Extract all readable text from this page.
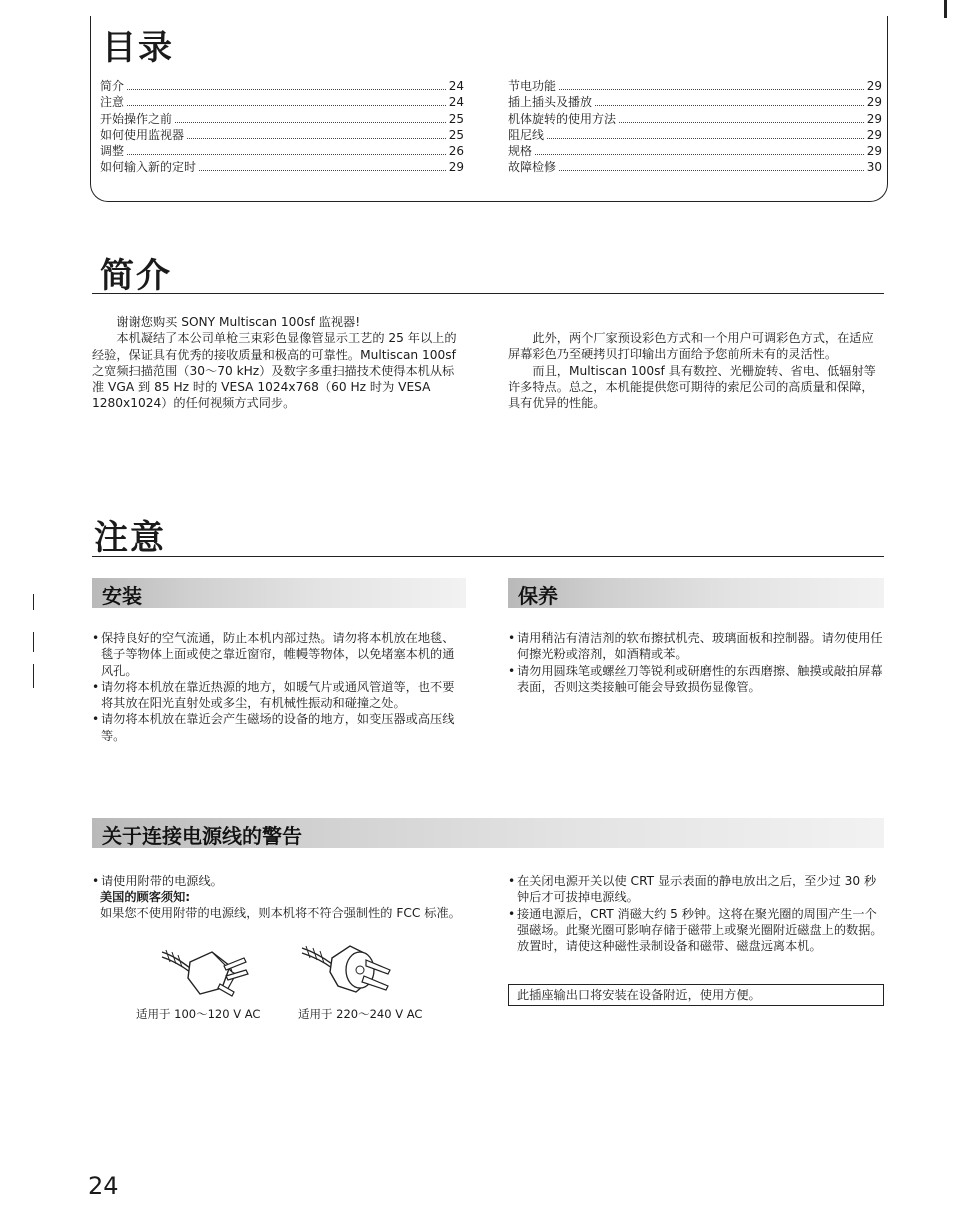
目录
简介	24
注意	24
开始操作之前	25
如何使用监视器	25
调整	26
如何输入新的定时	29
节电功能	29
插上插头及播放	29
机体旋转的使用方法	29
阻尼线	29
规格	29
故障检修	30
简介

谢谢您购买 SONY Multiscan 100sf 监视器!

本机凝结了本公司单枪三束彩色显像管显示工艺的 25 年以上的经验，保证具有优秀的接收质量和极高的可靠性。Multiscan 100sf 之宽频扫描范围（30～70 kHz）及数字多重扫描技术使得本机从标准 VGA 到 85 Hz 时的 VESA 1024x768（60 Hz 时为 VESA 1280x1024）的任何视频方式同步。

此外，两个厂家预设彩色方式和一个用户可调彩色方式，在适应屏幕彩色乃至硬拷贝打印输出方面给予您前所未有的灵活性。

而且，Multiscan 100sf 具有数控、光栅旋转、省电、低辐射等许多特点。总之，本机能提供您可期待的索尼公司的高质量和保障，具有优异的性能。

注意
安装
• 保持良好的空气流通，防止本机内部过热。请勿将本机放在地毯、毯子等物体上面或使之靠近窗帘，帷幔等物体，以免堵塞本机的通风孔。
• 请勿将本机放在靠近热源的地方，如暖气片或通风管道等，也不要将其放在阳光直射处或多尘，有机械性振动和碰撞之处。
• 请勿将本机放在靠近会产生磁场的设备的地方，如变压器或高压线等。
保养
• 请用稍沾有清洁剂的软布擦拭机壳、玻璃面板和控制器。请勿使用任何擦光粉或溶剂，如酒精或苯。
• 请勿用圆珠笔或螺丝刀等锐利或研磨性的东西磨擦、触摸或敲拍屏幕表面，否则这类接触可能会导致损伤显像管。
关于连接电源线的警告
• 请使用附带的电源线。

美国的顾客须知:

如果您不使用附带的电源线，则本机将不符合强制性的 FCC 标准。

适用于 100～120 V AC	适用于 220～240 V AC
• 在关闭电源开关以使 CRT 显示表面的静电放出之后，至少过 30 秒钟后才可拔掉电源线。
• 接通电源后，CRT 消磁大约 5 秒钟。这将在聚光圈的周围产生一个强磁场。此聚光圈可影响存储于磁带上或聚光圈附近磁盘上的数据。放置时，请使这种磁性录制设备和磁带、磁盘远离本机。
此插座输出口将安装在设备附近，使用方便。
24
